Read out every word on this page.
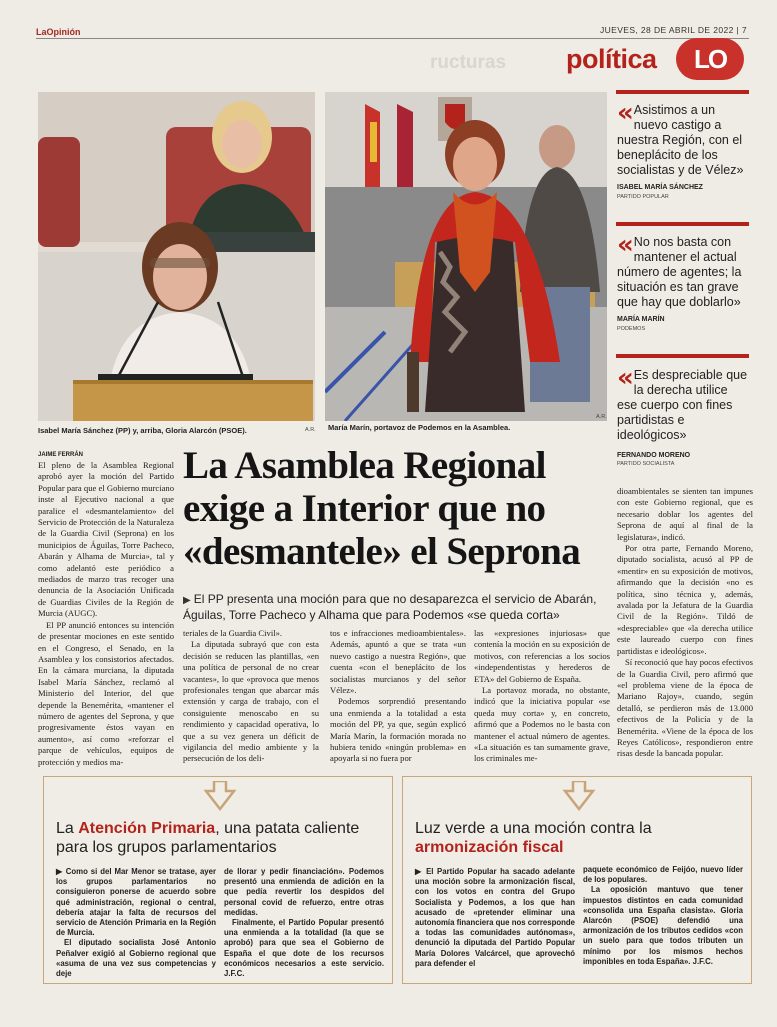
LaOpinión	JUEVES, 28 DE ABRIL DE 2022 | 7
ructuras política LO
Isabel María Sánchez (PP) y, arriba, Gloria Alarcón (PSOE).	A.R. María Marín, portavoz de Podemos en la Asamblea.
A.R.
« Asistimos a un nuevo castigo a nuestra Región, con el beneplácito de los socialistas y de Vélez»
ISABEL MARÍA SÁNCHEZ
PARTIDO POPULAR
« No nos basta con mantener el actual número de agentes; la situación es tan grave que hay que doblarlo»
MARÍA MARÍN
PODEMOS
« Es despreciable que la derecha utilice ese cuerpo con fines partidistas e ideológicos»
FERNANDO MORENO
PARTIDO SOCIALISTA
JAIME FERRÁN	La Asamblea Regional exige a Interior que no «desmantele» el Seprona
▶ El PP presenta una moción para que no desaparezca el servicio de Abarán, Águilas, Torre Pacheco y Alhama que para Podemos «se queda corta»

El pleno de la Asamblea Regional aprobó ayer la moción del Partido Popular para que el Gobierno murciano inste al Ejecutivo nacional a que paralice el «desmantelamiento» del Servicio de Protección de la Naturaleza de la Guardia Civil (Seprona) en los municipios de Águilas, Torre Pacheco, Abarán y Alhama de Murcia», tal y como adelantó este periódico a mediados de marzo tras recoger una denuncia de la Asociación Unificada de Guardias Civiles de la Región de Murcia (AUGC).

El PP anunció entonces su intención de presentar mociones en este sentido en el Congreso, el Senado, en la Asamblea y los consistorios afectados. En la cámara murciana, la diputada Isabel María Sánchez, reclamó al Ministerio del Interior, del que depende la Benemérita, «mantener el número de agentes del Seprona, y que progresivamente éstos vayan en aumento», así como «reforzar el parque de vehículos, equipos de protección y medios ma-

teriales de la Guardia Civil».

La diputada subrayó que con esta decisión se reducen las plantillas, «en una política de personal de no crear vacantes», lo que «provoca que menos profesionales tengan que abarcar más extensión y carga de trabajo, con el consiguiente menoscabo en su rendimiento y capacidad operativa, lo que a su vez genera un déficit de vigilancia del medio ambiente y la persecución de los deli-

tos e infracciones medioambientales». Además, apuntó a que se trata «un nuevo castigo a nuestra Región», que cuenta «con el beneplácito de los socialistas murcianos y del señor Vélez».

Podemos sorprendió presentando una enmienda a la totalidad a esta moción del PP, ya que, según explicó María Marín, la formación morada no hubiera tenido «ningún problema» en apoyarla si no fuera por

las «expresiones injuriosas» que contenía la moción en su exposición de motivos, con referencias a los socios «independentistas y herederos de ETA» del Gobierno de España.

La portavoz morada, no obstante, indicó que la iniciativa popular «se queda muy corta» y, en concreto, afirmó que a Podemos no le basta con mantener el actual número de agentes. «La situación es tan sumamente grave, los criminales me-

dioambientales se sienten tan impunes con este Gobierno regional, que es necesario doblar los agentes del Seprona de aquí al final de la legislatura», indicó.

Por otra parte, Fernando Moreno, diputado socialista, acusó al PP de «mentir» en su exposición de motivos, afirmando que la decisión «no es política, sino técnica y, además, avalada por la Jefatura de la Guardia Civil de la Región». Tildó de «despreciable» que «la derecha utilice este laureado cuerpo con fines partidistas e ideológicos».

Sí reconoció que hay pocos efectivos de la Guardia Civil, pero afirmó que «el problema viene de la época de Mariano Rajoy», cuando, según detalló, se perdieron más de 13.000 efectivos de la Policía y de la Benemérita. «Viene de la época de los Reyes Católicos», respondieron entre risas desde la bancada popular.

La Atención Primaria, una patata caliente para los grupos parlamentarios

▶ Como si del Mar Menor se tratase, ayer los grupos parlamentarios no consiguieron ponerse de acuerdo sobre qué administración, regional o central, debería atajar la falta de recursos del servicio de Atención Primaria en la Región de Murcia.

El diputado socialista José Antonio Peñalver exigió al Gobierno regional que «asuma de una vez sus competencias y deje

de llorar y pedir financiación». Podemos presentó una enmienda de adición en la que pedía revertir los despidos del personal covid de refuerzo, entre otras medidas.

Finalmente, el Partido Popular presentó una enmienda a la totalidad (la que se aprobó) para que sea el Gobierno de España el que dote de los recursos económicos necesarios a este servicio. J.F.C.

Luz verde a una moción contra la armonización fiscal

▶ El Partido Popular ha sacado adelante una moción sobre la armonización fiscal, con los votos en contra del Grupo Socialista y Podemos, a los que han acusado de «pretender eliminar una autonomía financiera que nos corresponde a todas las comunidades autónomas», denunció la diputada del Partido Popular María Dolores Valcárcel, que aprovechó para defender el

paquete económico de Feijóo, nuevo líder de los populares.

La oposición mantuvo que tener impuestos distintos en cada comunidad «consolida una España clasista». Gloria Alarcón (PSOE) defendió una armonización de los tributos cedidos «con un suelo para que todos tributen un mínimo por los mismos hechos imponibles en toda España». J.F.C.
